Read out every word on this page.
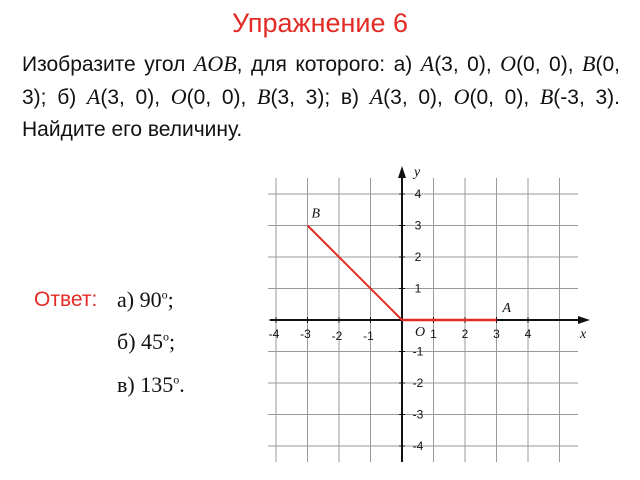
Упражнение 6
Изобразите угол AOB, для которого: а) A(3, 0), O(0, 0), B(0, 3); б) A(3, 0), O(0, 0), B(3, 3); в) A(3, 0), O(0, 0), B(-3, 3). Найдите его величину.
Ответ: а) 90$^o$;
б) 45$^o$;
в) 135$^o$.
y
x
O
-4 -3 -2 -1	1 2 3 4
4
3
2
1
-1
-2
-3
-4
B
A
